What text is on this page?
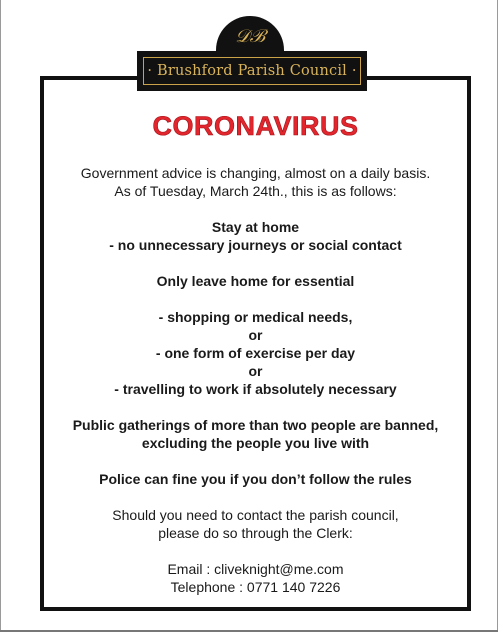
𝒟ℬ
· Brushford Parish Council ·
CORONAVIRUS
Government advice is changing, almost on a daily basis.
As of Tuesday, March 24th., this is as follows:
Stay at home
- no unnecessary journeys or social contact
Only leave home for essential
- shopping or medical needs,
or
- one form of exercise per day
or
- travelling to work if absolutely necessary
Public gatherings of more than two people are banned,
excluding the people you live with
Police can fine you if you don’t follow the rules
Should you need to contact the parish council,
please do so through the Clerk:
Email : cliveknight@me.com
Telephone : 0771 140 7226
